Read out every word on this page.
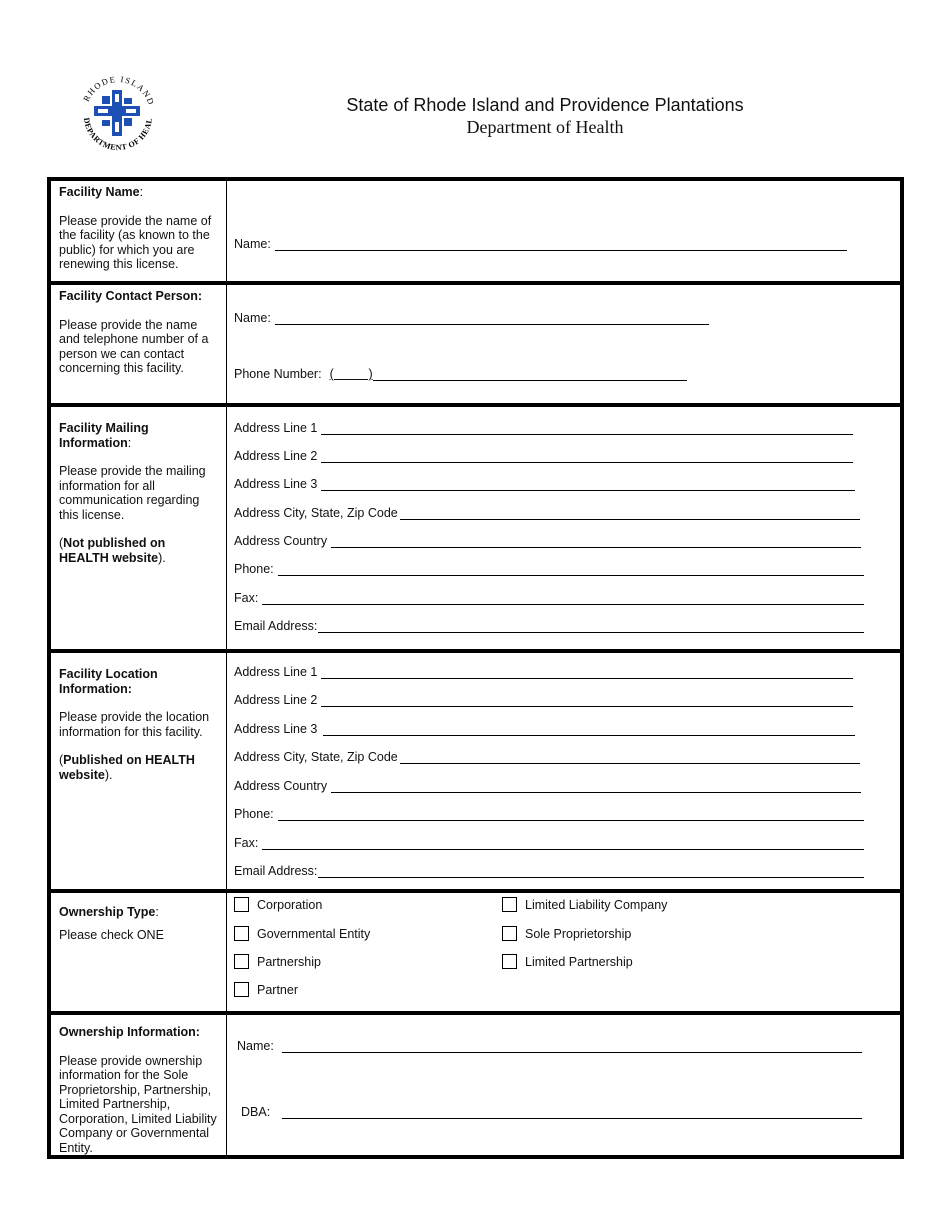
RHODE ISLAND
DEPARTMENT OF HEAL
State of Rhode Island and Providence Plantations
Department of Health

Facility Name:

Please provide the name of the facility (as known to the public) for which you are renewing this license.

Name:

Facility Contact Person:

Please provide the name and telephone number of a person we can contact concerning this facility.

Name:
Phone Number: (          )

Facility Mailing Information:

Please provide the mailing information for all communication regarding this license.

(Not published on HEALTH website).

Address Line 1
Address Line 2
Address Line 3
Address City, State, Zip Code
Address Country
Phone:
Fax:
Email Address:

Facility Location Information:

Please provide the location information for this facility.

(Published on HEALTH website).

Address Line 1
Address Line 2
Address Line 3
Address City, State, Zip Code
Address Country
Phone:
Fax:
Email Address:

Ownership Type:

Please check ONE

Corporation
Governmental Entity
Partnership
Partner
Limited Liability Company
Sole Proprietorship
Limited Partnership

Ownership Information:

Please provide ownership information for the Sole Proprietorship, Partnership, Limited Partnership, Corporation, Limited Liability Company or Governmental Entity.

Name:
DBA:
